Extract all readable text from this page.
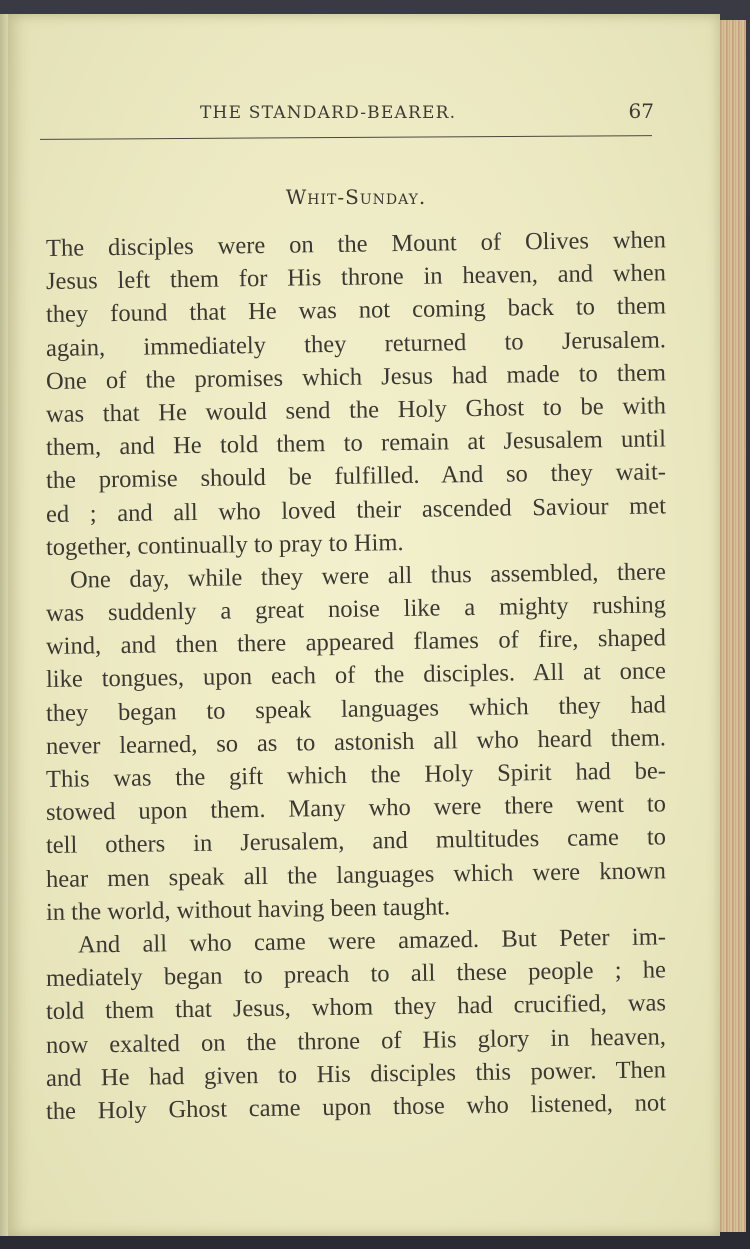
THE STANDARD-BEARER.	67
Whit-Sunday.
The disciples were on the Mount of Olives when
Jesus left them for His throne in heaven, and when
they found that He was not coming back to them
again, immediately they returned to Jerusalem.
One of the promises which Jesus had made to them
was that He would send the Holy Ghost to be with
them, and He told them to remain at Jesusalem until
the promise should be fulfilled. And so they wait-
ed ; and all who loved their ascended Saviour met
together, continually to pray to Him.
One day, while they were all thus assembled, there
was suddenly a great noise like a mighty rushing
wind, and then there appeared flames of fire, shaped
like tongues, upon each of the disciples. All at once
they began to speak languages which they had
never learned, so as to astonish all who heard them.
This was the gift which the Holy Spirit had be-
stowed upon them. Many who were there went to
tell others in Jerusalem, and multitudes came to
hear men speak all the languages which were known
in the world, without having been taught.
And all who came were amazed. But Peter im-
mediately began to preach to all these people ; he
told them that Jesus, whom they had crucified, was
now exalted on the throne of His glory in heaven,
and He had given to His disciples this power. Then
the Holy Ghost came upon those who listened, not
